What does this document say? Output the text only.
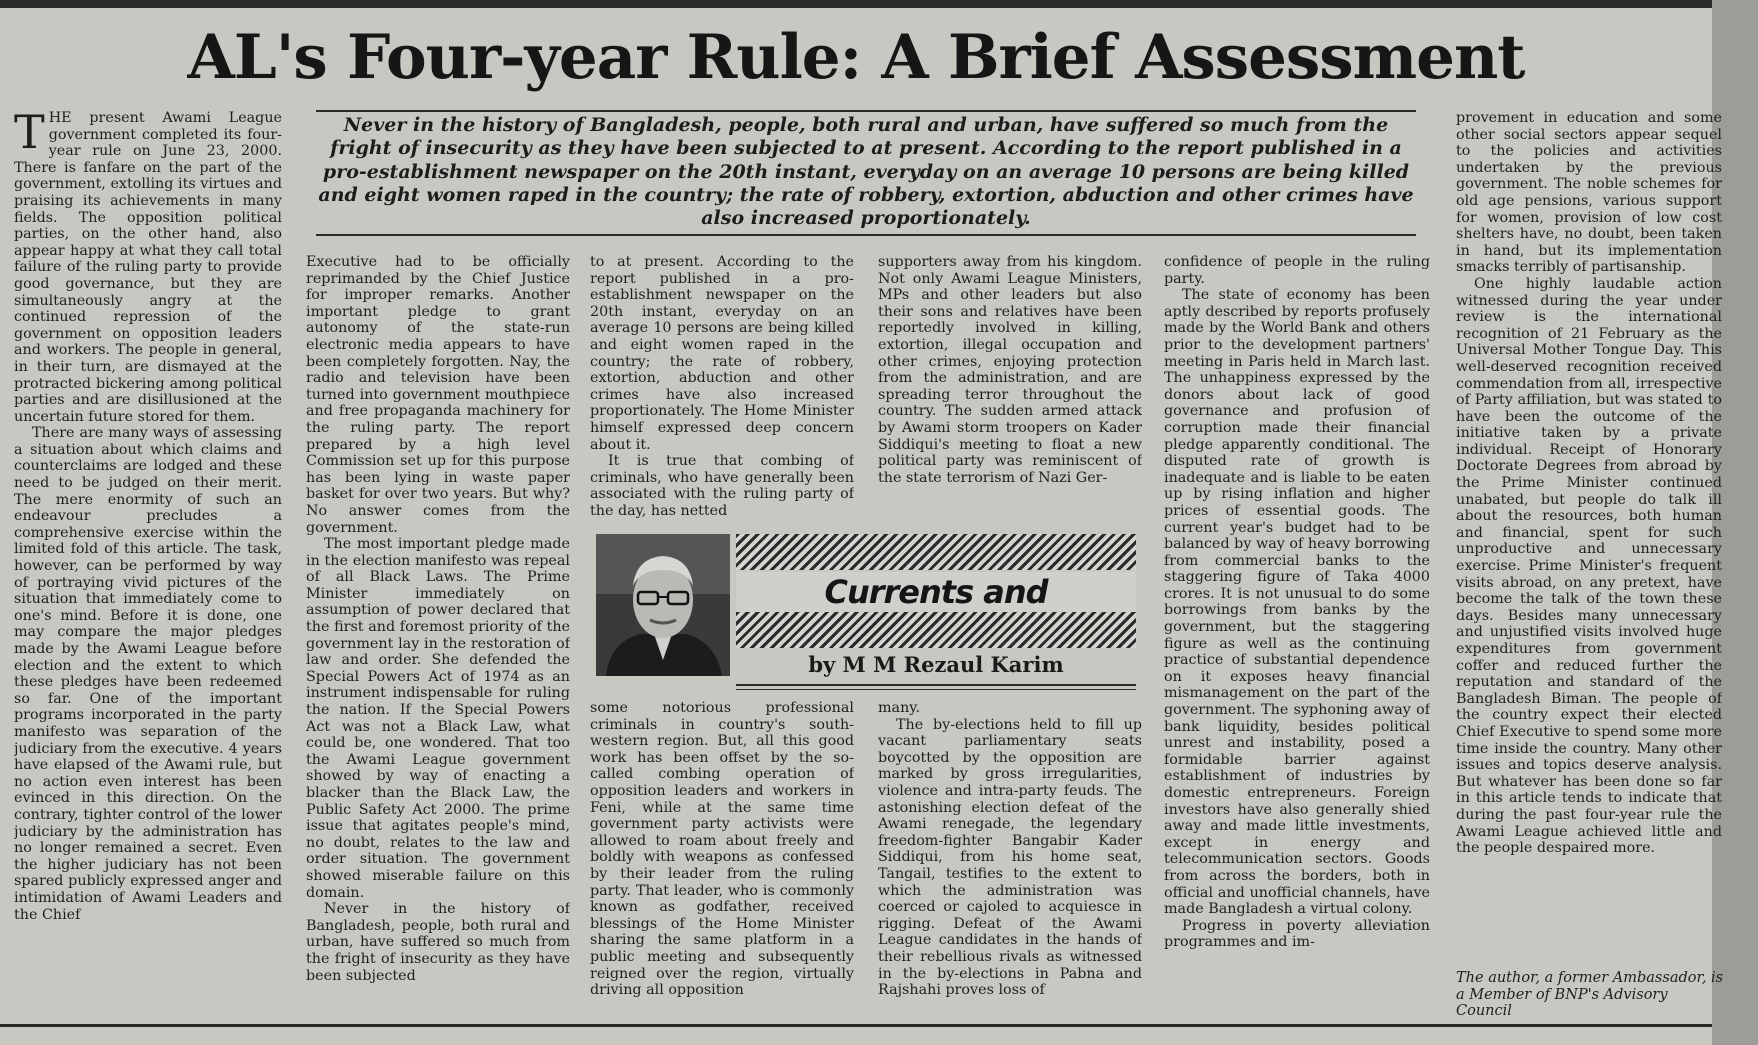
AL's Four-year Rule: A Brief Assessment

THE present Awami League government completed its four-year rule on June 23, 2000. There is fanfare on the part of the government, extolling its virtues and praising its achievements in many fields. The opposition political parties, on the other hand, also appear happy at what they call total failure of the ruling party to provide good governance, but they are simultaneously angry at the continued repression of the government on opposition leaders and workers. The people in general, in their turn, are dismayed at the protracted bickering among political parties and are disillusioned at the uncertain future stored for them.

There are many ways of assessing a situation about which claims and counterclaims are lodged and these need to be judged on their merit. The mere enormity of such an endeavour precludes a comprehensive exercise within the limited fold of this article. The task, however, can be performed by way of portraying vivid pictures of the situation that immediately come to one's mind. Before it is done, one may compare the major pledges made by the Awami League before election and the extent to which these pledges have been redeemed so far. One of the important programs incorporated in the party manifesto was separation of the judiciary from the executive. 4 years have elapsed of the Awami rule, but no action even interest has been evinced in this direction. On the contrary, tighter control of the lower judiciary by the administration has no longer remained a secret. Even the higher judiciary has not been spared publicly expressed anger and intimidation of Awami Leaders and the Chief

Never in the history of Bangladesh, people, both rural and urban, have suffered so much from the fright of insecurity as they have been subjected to at present. According to the report published in a pro-establishment newspaper on the 20th instant, everyday on an average 10 persons are being killed and eight women raped in the country; the rate of robbery, extortion, abduction and other crimes have also increased proportionately.

Executive had to be officially reprimanded by the Chief Justice for improper remarks. Another important pledge to grant autonomy of the state-run electronic media appears to have been completely forgotten. Nay, the radio and television have been turned into government mouthpiece and free propaganda machinery for the ruling party. The report prepared by a high level Commission set up for this purpose has been lying in waste paper basket for over two years. But why? No answer comes from the government.

The most important pledge made in the election manifesto was repeal of all Black Laws. The Prime Minister immediately on assumption of power declared that the first and foremost priority of the government lay in the restoration of law and order. She defended the Special Powers Act of 1974 as an instrument indispensable for ruling the nation. If the Special Powers Act was not a Black Law, what could be, one wondered. That too the Awami League government showed by way of enacting a blacker than the Black Law, the Public Safety Act 2000. The prime issue that agitates people's mind, no doubt, relates to the law and order situation. The government showed miserable failure on this domain.

Never in the history of Bangladesh, people, both rural and urban, have suffered so much from the fright of insecurity as they have been subjected

to at present. According to the report published in a pro-establishment newspaper on the 20th instant, everyday on an average 10 persons are being killed and eight women raped in the country; the rate of robbery, extortion, abduction and other crimes have also increased proportionately. The Home Minister himself expressed deep concern about it.

It is true that combing of criminals, who have generally been associated with the ruling party of the day, has netted

supporters away from his kingdom. Not only Awami League Ministers, MPs and other leaders but also their sons and relatives have been reportedly involved in killing, extortion, illegal occupation and other crimes, enjoying protection from the administration, and are spreading terror throughout the country. The sudden armed attack by Awami storm troopers on Kader Siddiqui's meeting to float a new political party was reminiscent of the state terrorism of Nazi Ger-

Currents and

by M M Rezaul Karim

some notorious professional criminals in country's south-western region. But, all this good work has been offset by the so-called combing operation of opposition leaders and workers in Feni, while at the same time government party activists were allowed to roam about freely and boldly with weapons as confessed by their leader from the ruling party. That leader, who is commonly known as godfather, received blessings of the Home Minister sharing the same platform in a public meeting and subsequently reigned over the region, virtually driving all opposition

many.

The by-elections held to fill up vacant parliamentary seats boycotted by the opposition are marked by gross irregularities, violence and intra-party feuds. The astonishing election defeat of the Awami renegade, the legendary freedom-fighter Bangabir Kader Siddiqui, from his home seat, Tangail, testifies to the extent to which the administration was coerced or cajoled to acquiesce in rigging. Defeat of the Awami League candidates in the hands of their rebellious rivals as witnessed in the by-elections in Pabna and Rajshahi proves loss of

confidence of people in the ruling party.

The state of economy has been aptly described by reports profusely made by the World Bank and others prior to the development partners' meeting in Paris held in March last. The unhappiness expressed by the donors about lack of good governance and profusion of corruption made their financial pledge apparently conditional. The disputed rate of growth is inadequate and is liable to be eaten up by rising inflation and higher prices of essential goods. The current year's budget had to be balanced by way of heavy borrowing from commercial banks to the staggering figure of Taka 4000 crores. It is not unusual to do some borrowings from banks by the government, but the staggering figure as well as the continuing practice of substantial dependence on it exposes heavy financial mismanagement on the part of the government. The syphoning away of bank liquidity, besides political unrest and instability, posed a formidable barrier against establishment of industries by domestic entrepreneurs. Foreign investors have also generally shied away and made little investments, except in energy and telecommunication sectors. Goods from across the borders, both in official and unofficial channels, have made Bangladesh a virtual colony.

Progress in poverty alleviation programmes and im-

provement in education and some other social sectors appear sequel to the policies and activities undertaken by the previous government. The noble schemes for old age pensions, various support for women, provision of low cost shelters have, no doubt, been taken in hand, but its implementation smacks terribly of partisanship.

One highly laudable action witnessed during the year under review is the international recognition of 21 February as the Universal Mother Tongue Day. This well-deserved recognition received commendation from all, irrespective of Party affiliation, but was stated to have been the outcome of the initiative taken by a private individual. Receipt of Honorary Doctorate Degrees from abroad by the Prime Minister continued unabated, but people do talk ill about the resources, both human and financial, spent for such unproductive and unnecessary exercise. Prime Minister's frequent visits abroad, on any pretext, have become the talk of the town these days. Besides many unnecessary and unjustified visits involved huge expenditures from government coffer and reduced further the reputation and standard of the Bangladesh Biman. The people of the country expect their elected Chief Executive to spend some more time inside the country. Many other issues and topics deserve analysis. But whatever has been done so far in this article tends to indicate that during the past four-year rule the Awami League achieved little and the people despaired more.

The author, a former Ambassador, is a Member of BNP's Advisory Council
